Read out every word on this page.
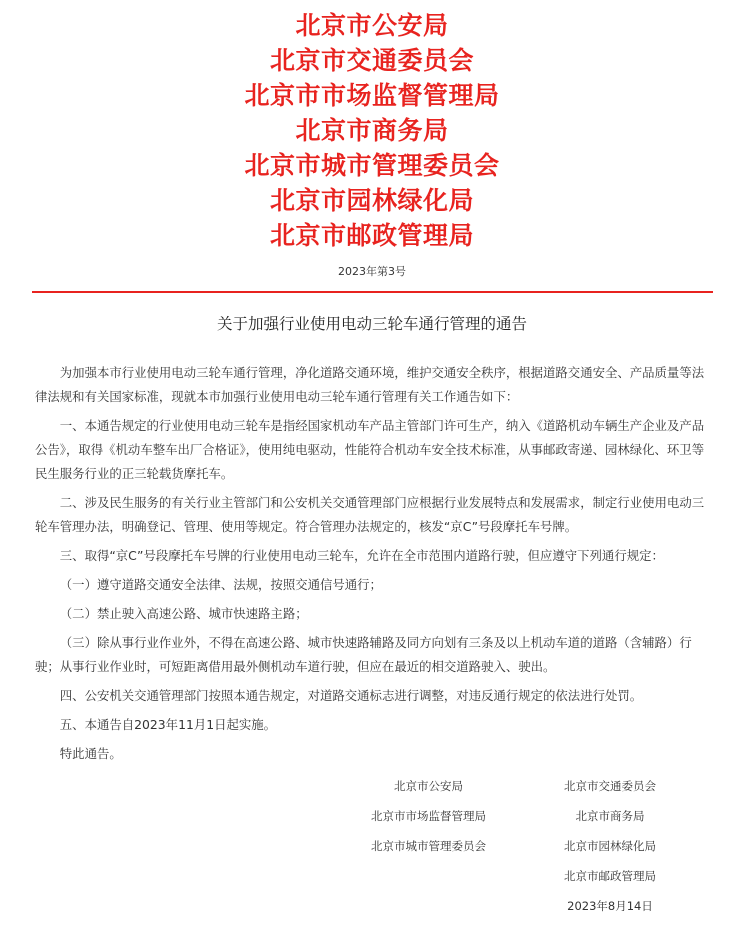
北京市公安局
北京市交通委员会
北京市市场监督管理局
北京市商务局
北京市城市管理委员会
北京市园林绿化局
北京市邮政管理局
2023年第3号
关于加强行业使用电动三轮车通行管理的通告

为加强本市行业使用电动三轮车通行管理，净化道路交通环境，维护交通安全秩序，根据道路交通安全、产品质量等法律法规和有关国家标准，现就本市加强行业使用电动三轮车通行管理有关工作通告如下：

一、本通告规定的行业使用电动三轮车是指经国家机动车产品主管部门许可生产，纳入《道路机动车辆生产企业及产品公告》，取得《机动车整车出厂合格证》，使用纯电驱动，性能符合机动车安全技术标准，从事邮政寄递、园林绿化、环卫等民生服务行业的正三轮载货摩托车。

二、涉及民生服务的有关行业主管部门和公安机关交通管理部门应根据行业发展特点和发展需求，制定行业使用电动三轮车管理办法，明确登记、管理、使用等规定。符合管理办法规定的，核发“京C”号段摩托车号牌。

三、取得“京C”号段摩托车号牌的行业使用电动三轮车，允许在全市范围内道路行驶，但应遵守下列通行规定：

（一）遵守道路交通安全法律、法规，按照交通信号通行；

（二）禁止驶入高速公路、城市快速路主路；

（三）除从事行业作业外，不得在高速公路、城市快速路辅路及同方向划有三条及以上机动车道的道路（含辅路）行驶；从事行业作业时，可短距离借用最外侧机动车道行驶，但应在最近的相交道路驶入、驶出。

四、公安机关交通管理部门按照本通告规定，对道路交通标志进行调整，对违反通行规定的依法进行处罚。

五、本通告自2023年11月1日起实施。

特此通告。

北京市公安局	北京市交通委员会
北京市市场监督管理局	北京市商务局
北京市城市管理委员会	北京市园林绿化局
北京市邮政管理局
2023年8月14日
